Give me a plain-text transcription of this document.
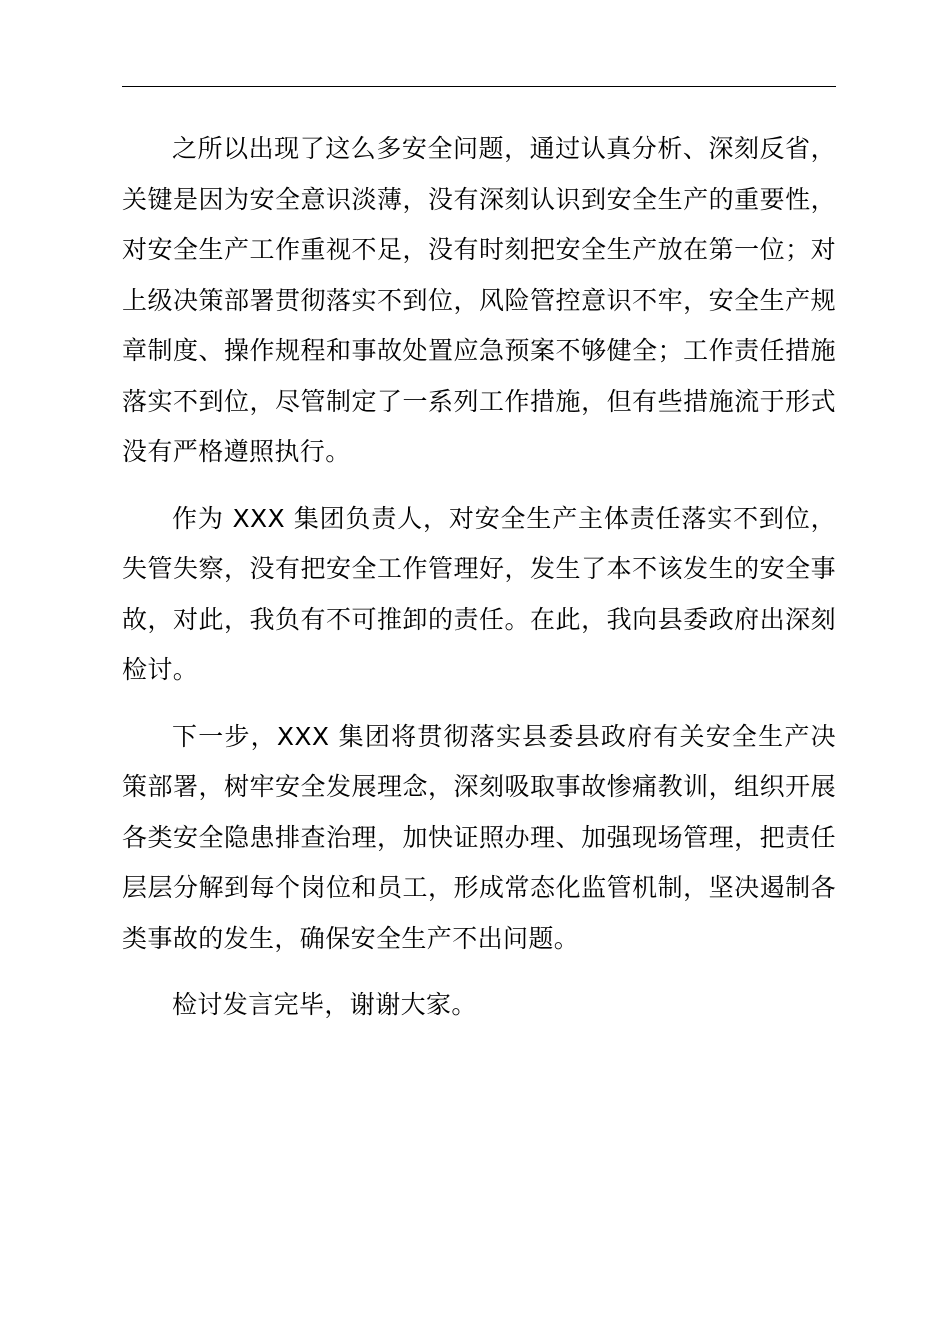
之所以出现了这么多安全问题，通过认真分析、深刻反省，关键是因为安全意识淡薄，没有深刻认识到安全生产的重要性，对安全生产工作重视不足，没有时刻把安全生产放在第一位；对上级决策部署贯彻落实不到位，风险管控意识不牢，安全生产规章制度、操作规程和事故处置应急预案不够健全；工作责任措施落实不到位，尽管制定了一系列工作措施，但有些措施流于形式没有严格遵照执行。

作为 XXX 集团负责人，对安全生产主体责任落实不到位，失管失察，没有把安全工作管理好，发生了本不该发生的安全事故，对此，我负有不可推卸的责任。在此，我向县委政府出深刻检讨。

下一步，XXX 集团将贯彻落实县委县政府有关安全生产决策部署，树牢安全发展理念，深刻吸取事故惨痛教训，组织开展各类安全隐患排查治理，加快证照办理、加强现场管理，把责任层层分解到每个岗位和员工，形成常态化监管机制，坚决遏制各类事故的发生，确保安全生产不出问题。

检讨发言完毕，谢谢大家。
